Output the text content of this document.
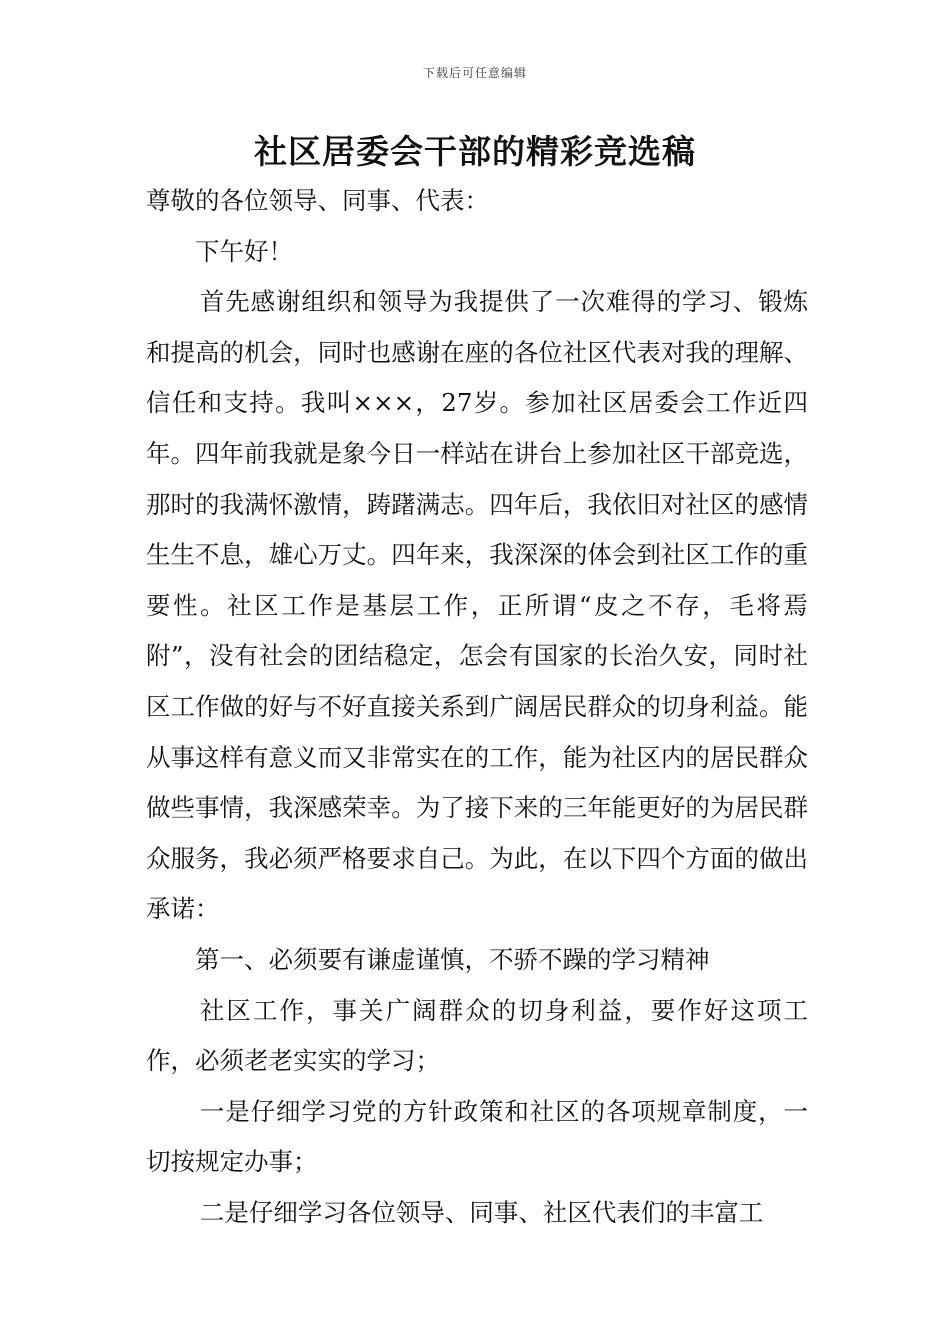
下载后可任意编辑
社区居委会干部的精彩竞选稿

尊敬的各位领导、同事、代表：

下午好！

首先感谢组织和领导为我提供了一次难得的学习、锻炼和提高的机会，同时也感谢在座的各位社区代表对我的理解、信任和支持。我叫×××，27岁。参加社区居委会工作近四年。四年前我就是象今日一样站在讲台上参加社区干部竞选，那时的我满怀激情，踌躇满志。四年后，我依旧对社区的感情生生不息，雄心万丈。四年来，我深深的体会到社区工作的重要性。社区工作是基层工作，正所谓“皮之不存，毛将焉附”，没有社会的团结稳定，怎会有国家的长治久安，同时社区工作做的好与不好直接关系到广阔居民群众的切身利益。能从事这样有意义而又非常实在的工作，能为社区内的居民群众做些事情，我深感荣幸。为了接下来的三年能更好的为居民群众服务，我必须严格要求自己。为此，在以下四个方面的做出承诺：

第一、必须要有谦虚谨慎，不骄不躁的学习精神

社区工作，事关广阔群众的切身利益，要作好这项工作，必须老老实实的学习；

一是仔细学习党的方针政策和社区的各项规章制度，一切按规定办事；

二是仔细学习各位领导、同事、社区代表们的丰富工
